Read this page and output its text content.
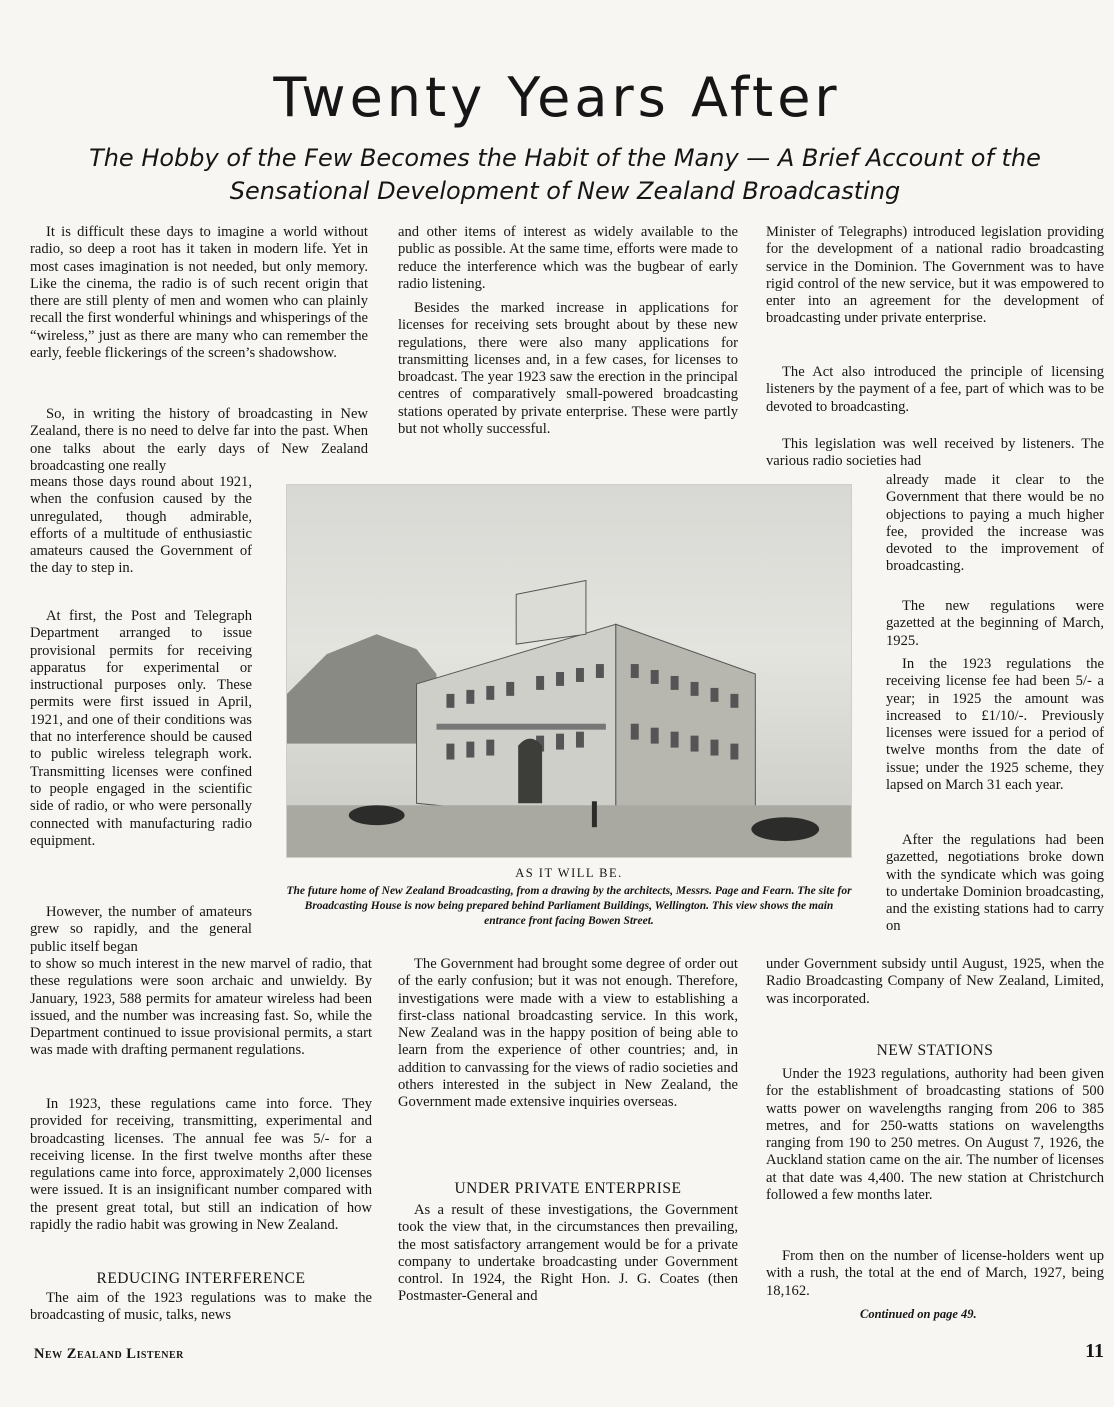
Twenty Years After

The Hobby of the Few Becomes the Habit of the Many — A Brief Account of the Sensational Development of New Zealand Broadcasting

It is difficult these days to imagine a world without radio, so deep a root has it taken in modern life. Yet in most cases imagination is not needed, but only memory. Like the cinema, the radio is of such recent origin that there are still plenty of men and women who can plainly recall the first wonderful whinings and whisperings of the “wireless,” just as there are many who can remember the early, feeble flickerings of the screen’s shadowshow.

So, in writing the history of broadcasting in New Zealand, there is no need to delve far into the past. When one talks about the early days of New Zealand broadcasting one really

means those days round about 1921, when the confusion caused by the unregulated, though admirable, efforts of a multitude of enthusiastic amateurs caused the Government of the day to step in.

At first, the Post and Telegraph Department arranged to issue provisional permits for receiving apparatus for experimental or instructional purposes only. These permits were first issued in April, 1921, and one of their conditions was that no interference should be caused to public wireless telegraph work. Transmitting licenses were confined to people engaged in the scientific side of radio, or who were personally connected with manufacturing radio equipment.

However, the number of amateurs grew so rapidly, and the general public itself began

to show so much interest in the new marvel of radio, that these regulations were soon archaic and unwieldy. By January, 1923, 588 permits for amateur wireless had been issued, and the number was increasing fast. So, while the Department continued to issue provisional permits, a start was made with drafting permanent regulations.

In 1923, these regulations came into force. They provided for receiving, transmitting, experimental and broadcasting licenses. The annual fee was 5/- for a receiving license. In the first twelve months after these regulations came into force, approximately 2,000 licenses were issued. It is an insignificant number compared with the present great total, but still an indication of how rapidly the radio habit was growing in New Zealand.

REDUCING INTERFERENCE

The aim of the 1923 regulations was to make the broadcasting of music, talks, news

and other items of interest as widely available to the public as possible. At the same time, efforts were made to reduce the interference which was the bugbear of early radio listening.

Besides the marked increase in applications for licenses for receiving sets brought about by these new regulations, there were also many applications for transmitting licenses and, in a few cases, for licenses to broadcast. The year 1923 saw the erection in the principal centres of comparatively small-powered broadcasting stations operated by private enterprise. These were partly but not wholly successful.

The Government had brought some degree of order out of the early confusion; but it was not enough. Therefore, investigations were made with a view to establishing a first-class national broadcasting service. In this work, New Zealand was in the happy position of being able to learn from the experience of other countries; and, in addition to canvassing for the views of radio societies and others interested in the subject in New Zealand, the Government made extensive inquiries overseas.

UNDER PRIVATE ENTERPRISE

As a result of these investigations, the Government took the view that, in the circumstances then prevailing, the most satisfactory arrangement would be for a private company to undertake broadcasting under Government control. In 1924, the Right Hon. J. G. Coates (then Postmaster-General and

Minister of Telegraphs) introduced legislation providing for the development of a national radio broadcasting service in the Dominion. The Government was to have rigid control of the new service, but it was empowered to enter into an agreement for the development of broadcasting under private enterprise.

The Act also introduced the principle of licensing listeners by the payment of a fee, part of which was to be devoted to broadcasting.

This legislation was well received by listeners. The various radio societies had

already made it clear to the Government that there would be no objections to paying a much higher fee, provided the increase was devoted to the improvement of broadcasting.

The new regulations were gazetted at the beginning of March, 1925.

In the 1923 regulations the receiving license fee had been 5/- a year; in 1925 the amount was increased to £1/10/-. Previously licenses were issued for a period of twelve months from the date of issue; under the 1925 scheme, they lapsed on March 31 each year.

After the regulations had been gazetted, negotiations broke down with the syndicate which was going to undertake Dominion broadcasting, and the existing stations had to carry on

under Government subsidy until August, 1925, when the Radio Broadcasting Company of New Zealand, Limited, was incorporated.

NEW STATIONS

Under the 1923 regulations, authority had been given for the establishment of broadcasting stations of 500 watts power on wavelengths ranging from 206 to 385 metres, and for 250-watts stations on wavelengths ranging from 190 to 250 metres. On August 7, 1926, the Auckland station came on the air. The number of licenses at that date was 4,400. The new station at Christchurch followed a few months later.

From then on the number of license-holders went up with a rush, the total at the end of March, 1927, being 18,162.

Continued on page 49.

AS IT WILL BE.

The future home of New Zealand Broadcasting, from a drawing by the architects, Messrs. Page and Fearn. The site for Broadcasting House is now being prepared behind Parliament Buildings, Wellington. This view shows the main entrance front facing Bowen Street.

New Zealand Listener	11
